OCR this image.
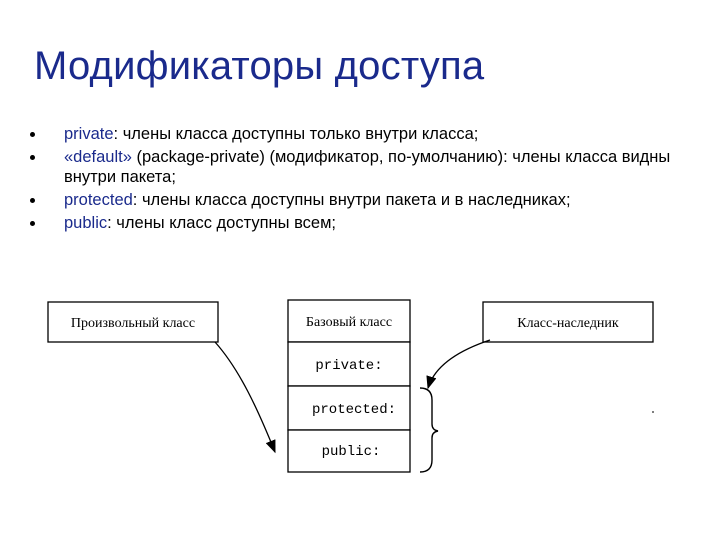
Модификаторы доступа
private: члены класса доступны только внутри класса;
«default» (package-private) (модификатор, по-умолчанию): члены класса видны внутри пакета;
protected: члены класса доступны внутри пакета и в наследниках;
public: члены класс доступны всем;
Произвольный класс	Базовый класс
private:
protected:
public:
Класс-наследник
